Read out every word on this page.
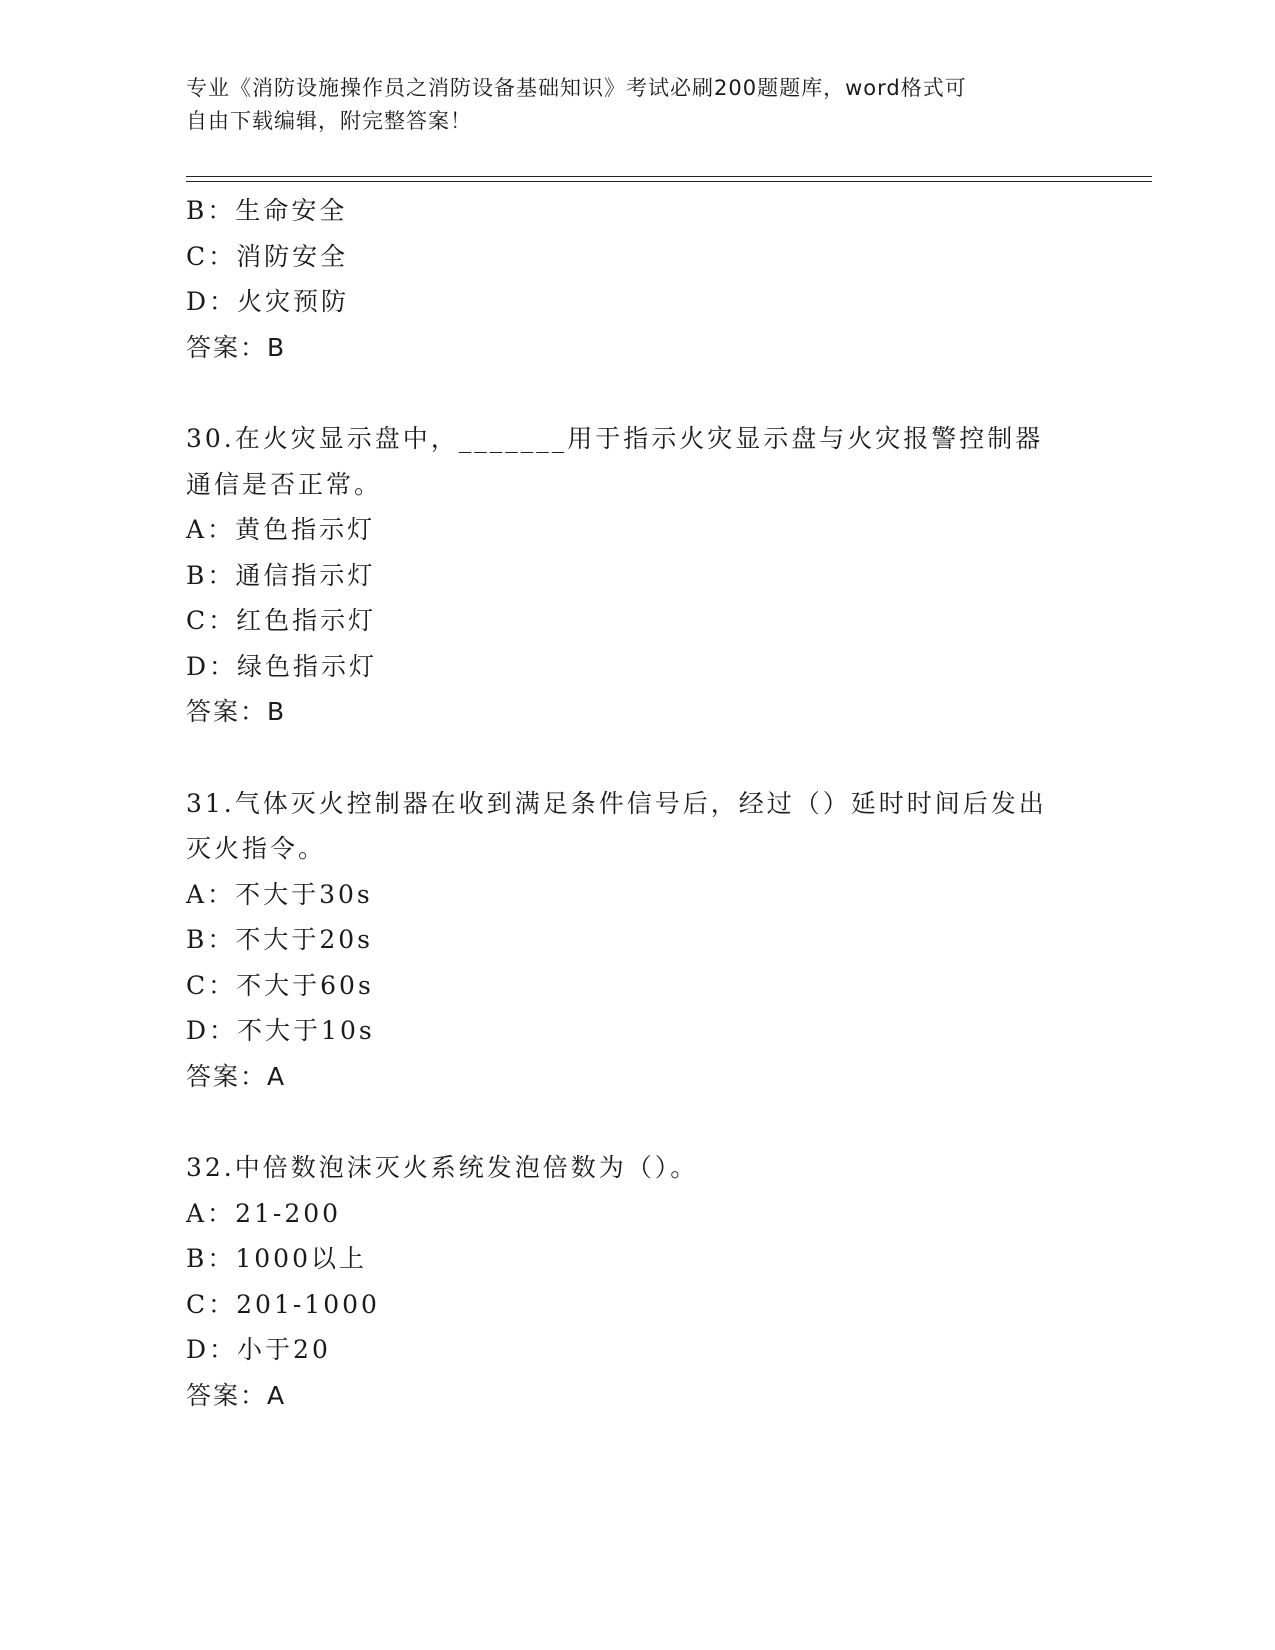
专业《消防设施操作员之消防设备基础知识》考试必刷200题题库，word格式可
自由下载编辑，附完整答案！
B：生命安全
C：消防安全
D：火灾预防
答案：B
30.在火灾显示盘中，_______用于指示火灾显示盘与火灾报警控制器
通信是否正常。
A：黄色指示灯
B：通信指示灯
C：红色指示灯
D：绿色指示灯
答案：B
31.气体灭火控制器在收到满足条件信号后，经过（）延时时间后发出
灭火指令。
A：不大于30s
B：不大于20s
C：不大于60s
D：不大于10s
答案：A
32.中倍数泡沫灭火系统发泡倍数为（）。
A：21-200
B：1000以上
C：201-1000
D：小于20
答案：A
